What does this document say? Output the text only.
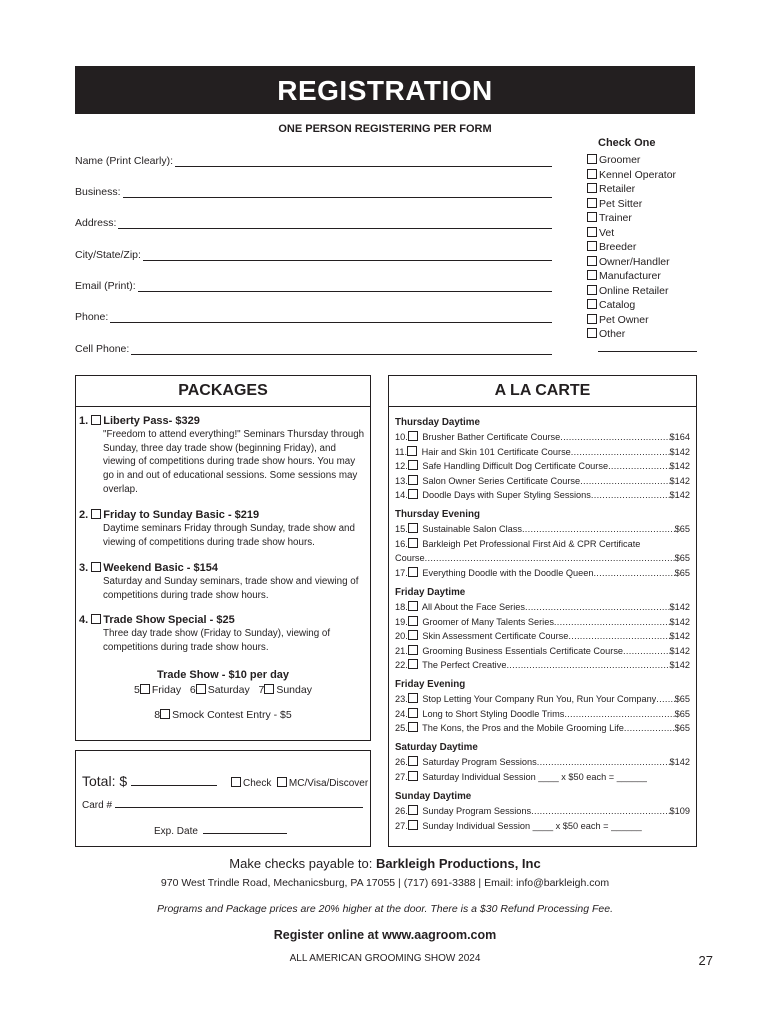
REGISTRATION
ONE PERSON REGISTERING PER FORM
Name (Print Clearly):
Business:
Address:
City/State/Zip:
Email (Print):
Phone:
Cell Phone:
Check One
Groomer
Kennel Operator
Retailer
Pet Sitter
Trainer
Vet
Breeder
Owner/Handler
Manufacturer
Online Retailer
Catalog
Pet Owner
Other
PACKAGES
1. Liberty Pass- $329
"Freedom to attend everything!" Seminars Thursday through Sunday, three day trade show (beginning Friday), and viewing of competitions during trade show hours. You may go in and out of educational sessions. Some sessions may overlap.
2. Friday to Sunday Basic - $219
Daytime seminars Friday through Sunday, trade show and viewing of competitions during trade show hours.
3. Weekend Basic - $154
Saturday and Sunday seminars, trade show and viewing of competitions during trade show hours.
4. Trade Show Special - $25
Three day trade show (Friday to Sunday), viewing of competitions during trade show hours.
Trade Show - $10 per day
5 Friday 6 Saturday 7 Sunday
8 Smock Contest Entry - $5
Total: $	Check MC/Visa/Discover
Card #
Exp. Date
A LA CARTE
Thursday Daytime
10. Brusher Bather Certificate Course .....	$164
11. Hair and Skin 101 Certificate Course .....	$142
12. Safe Handling Difficult Dog Certificate Course .....	$142
13. Salon Owner Series Certificate Course .....	$142
14. Doodle Days with Super Styling Sessions .....	$142
Thursday Evening
15. Sustainable Salon Class .....	$65
16. Barkleigh Pet Professional First Aid & CPR Certificate
Course .....	$65
17. Everything Doodle with the Doodle Queen .....	$65
Friday Daytime
18. All About the Face Series .....	$142
19. Groomer of Many Talents Series .....	$142
20. Skin Assessment Certificate Course .....	$142
21. Grooming Business Essentials Certificate Course .....	$142
22. The Perfect Creative .....	$142
Friday Evening
23. Stop Letting Your Company Run You, Run Your Company ..... $65
24. Long to Short Styling Doodle Trims .....	$65
25. The Kons, the Pros and the Mobile Grooming Life .....	$65
Saturday Daytime
26. Saturday Program Sessions .....	$142
27. Saturday Individual Session ____ x $50 each = ______
Sunday Daytime
26. Sunday Program Sessions .....	$109
27. Sunday Individual Session ____ x $50 each = ______
Make checks payable to: Barkleigh Productions, Inc
970 West Trindle Road, Mechanicsburg, PA 17055 | (717) 691-3388 | Email: info@barkleigh.com
Programs and Package prices are 20% higher at the door. There is a $30 Refund Processing Fee.
Register online at www.aagroom.com
ALL AMERICAN GROOMING SHOW 2024	27
